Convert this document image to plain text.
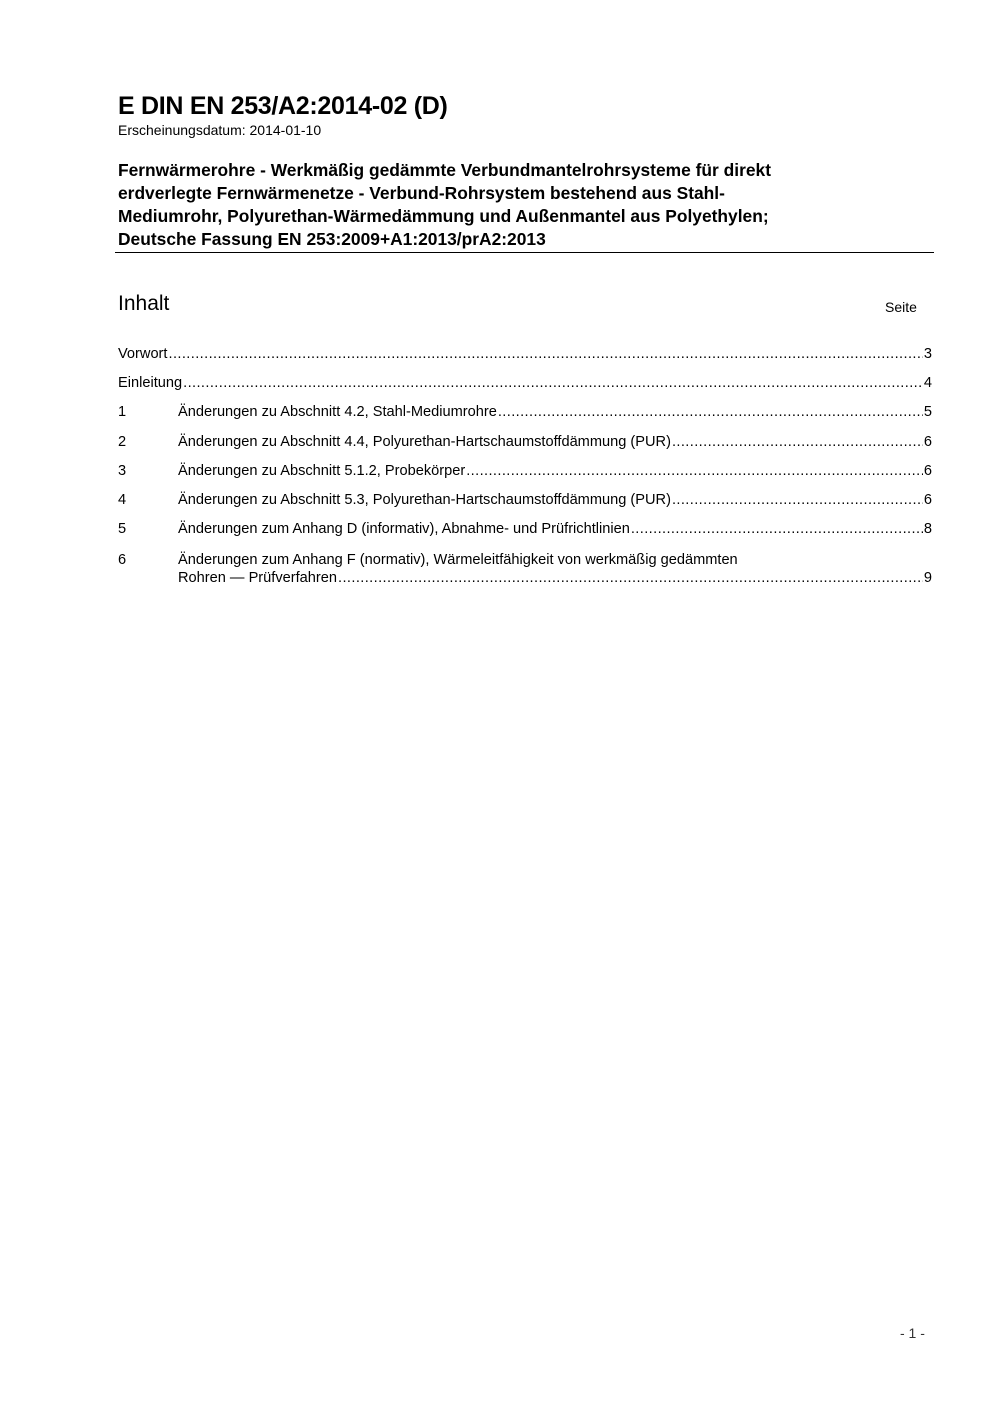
E DIN EN 253/A2:2014-02 (D)
Erscheinungsdatum: 2014-01-10
Fernwärmerohre - Werkmäßig gedämmte Verbundmantelrohrsysteme für direkt
erdverlegte Fernwärmenetze - Verbund-Rohrsystem bestehend aus Stahl-
Mediumrohr, Polyurethan-Wärmedämmung und Außenmantel aus Polyethylen;
Deutsche Fassung EN 253:2009+A1:2013/prA2:2013
Inhalt	Seite
Vorwort .....	3
Einleitung .....	4
1	Änderungen zu Abschnitt 4.2, Stahl-Mediumrohre .....	5
2	Änderungen zu Abschnitt 4.4, Polyurethan-Hartschaumstoffdämmung (PUR) .....	6
3	Änderungen zu Abschnitt 5.1.2, Probekörper .....	6
4	Änderungen zu Abschnitt 5.3, Polyurethan-Hartschaumstoffdämmung (PUR) .....	6
5	Änderungen zum Anhang D (informativ), Abnahme- und Prüfrichtlinien .....	8
6	Änderungen zum Anhang F (normativ), Wärmeleitfähigkeit von werkmäßig gedämmten
Rohren — Prüfverfahren .....	9
- 1 -
